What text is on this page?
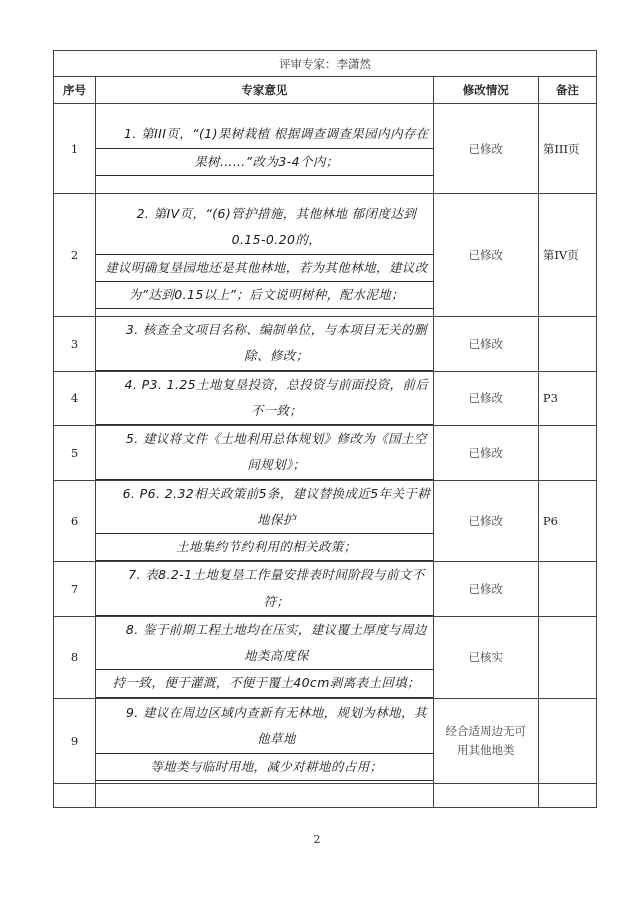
评审专家：李潇然			
序号	专家意见	修改情况	备注
1	1. 第III页，“(1)果树栽植 根据调查调查果园内内存在
果树……”改为3-4个内；	已修改	第III页
2	2. 第IV页，“(6)管护措施，其他林地 郁闭度达到0.15-0.20的，
建议明确复垦园地还是其他林地，若为其他林地，建议改
为”达到0.15以上”；后文说明树种，配水泥地；	已修改	第IV页
3	3. 核查全文项目名称、编制单位，与本项目无关的删除、修改；	已修改	
4	4. P3. 1.25土地复垦投资，总投资与前面投资，前后不一致；	已修改	P3
5	5. 建议将文件《土地利用总体规划》修改为《国土空间规划》；	已修改	
6	6. P6. 2.32相关政策前5条，建议替换成近5年关于耕地保护
土地集约节约利用的相关政策；	已修改	P6
7	7. 表8.2-1土地复垦工作量安排表时间阶段与前文不符；	已修改	
8	8. 鉴于前期工程土地均在压实，建议覆土厚度与周边地类高度保
持一致，便于灌溉，不便于覆土40cm剥离表土回填；	已核实	
9	9. 建议在周边区域内查新有无林地，规划为林地，其他草地
等地类与临时用地，减少对耕地的占用；	经合适周边无可用其他地类	

2
